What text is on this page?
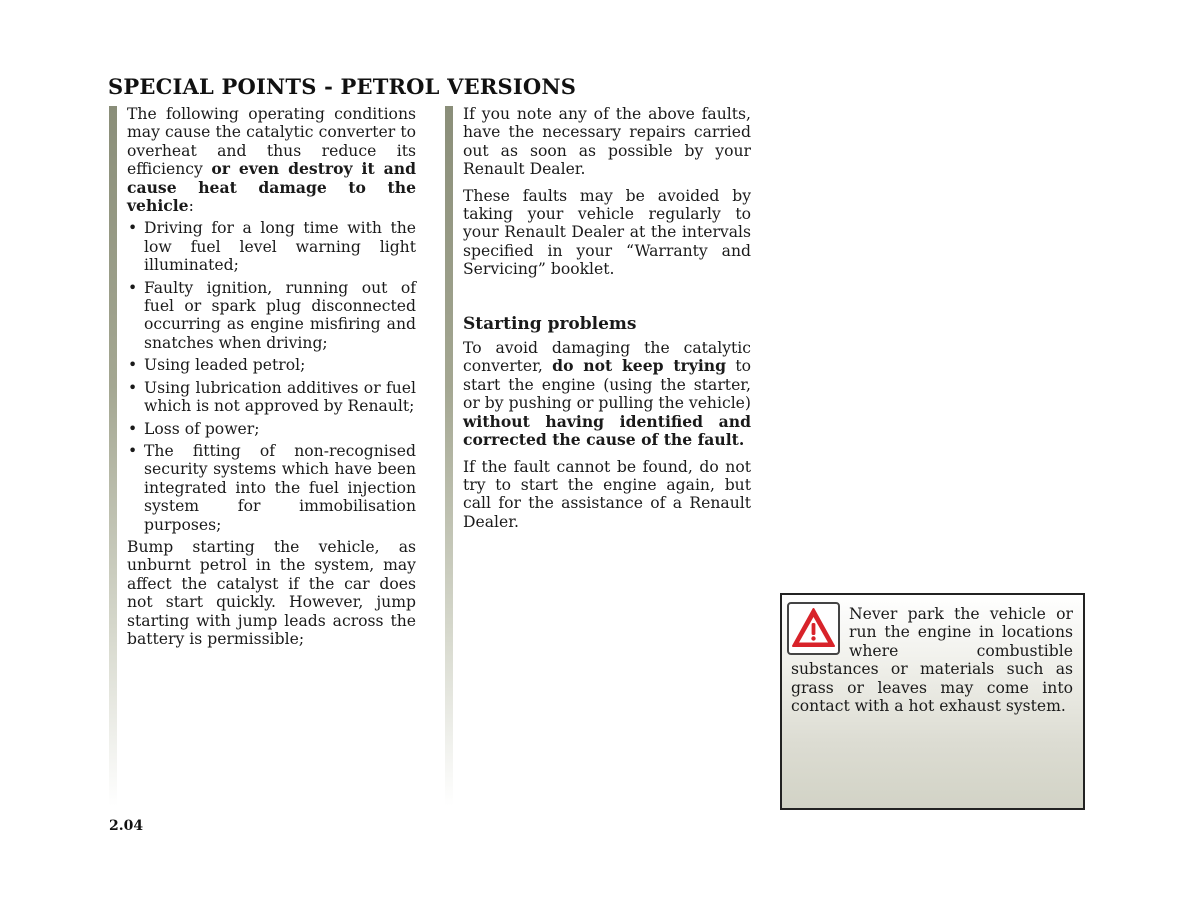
SPECIAL POINTS - PETROL VERSIONS

The following operating conditions may cause the catalytic converter to overheat and thus reduce its efficiency or even destroy it and cause heat damage to the vehicle:

• Driving for a long time with the low fuel level warning light illuminated;
• Faulty ignition, running out of fuel or spark plug disconnected occurring as engine misfiring and snatches when driving;
• Using leaded petrol;
• Using lubrication additives or fuel which is not approved by Renault;
• Loss of power;
• The fitting of non-recognised security systems which have been integrated into the fuel injection system for immobilisation purposes;

Bump starting the vehicle, as unburnt petrol in the system, may affect the catalyst if the car does not start quickly. However, jump starting with jump leads across the battery is permissible;

If you note any of the above faults, have the necessary repairs carried out as soon as possible by your Renault Dealer.

These faults may be avoided by taking your vehicle regularly to your Renault Dealer at the intervals specified in your “Warranty and Servicing” booklet.

Starting problems

To avoid damaging the catalytic converter, do not keep trying to start the engine (using the starter, or by pushing or pulling the vehicle) without having identified and corrected the cause of the fault.

If the fault cannot be found, do not try to start the engine again, but call for the assistance of a Renault Dealer.

Never park the vehicle or run the engine in locations where combustible substances or materials such as grass or leaves may come into contact with a hot exhaust system.
2.04
